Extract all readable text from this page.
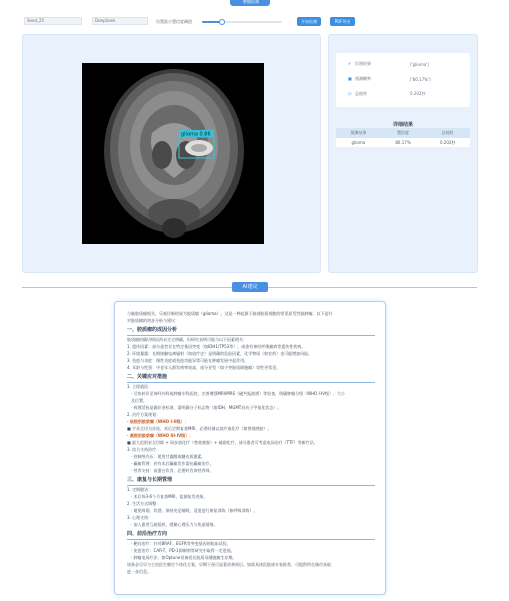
肿瘤检测
Seed_25	DeepSeek	设置最小置信度阈值	开始检测	PDF导出
glioma 0.86
✔ 识别结果	['glioma']
■ 预测概率	['86.17%']
◷ 总耗时	0.202秒
详细结果
预测结果	置信度	总耗时
glioma	86.17%	0.202秒
AI建议
与脑胶质瘤相关，乐观诊断结果为胶质瘤（glioma），这是一种起源于脑部胶质细胞的常见原发性脑肿瘤。以下是针
对胶质瘤的初步分析与建议：
一、胶质瘤的成因分析
胶质瘤的确切病因尚未完全明确，但研究表明可能与以下因素相关：
1. 遗传因素：部分患者存在特定基因突变（如IDH1/TP53等），或患有神经纤维瘤病等遗传性疾病。
2. 环境暴露：长期接触电离辐射（如放疗史）是明确的危险因素，化学物质（如农药）也可能增加风险。
3. 免疫与炎症：慢性炎症或免疫功能异常可能在肿瘤发展中起作用。
4. 年龄与性别：中老年人群发病率较高，部分亚型（如少突胶质细胞瘤）男性更常见。
二、关键应对措施
1. 立即就医：
· 尽快转诊至神经外科或肿瘤专科医院，完善增强MRI/MRS（磁共振波谱）等检查，明确肿瘤分级（WHO I-IV级）、大小
及位置。
· 病理活检是确诊金标准，需明确分子标志物（如IDH、MGMT启动子甲基化状态）。
2. 治疗方案规划：
· 低级别胶质瘤（WHO I-II级）：
■ 手术全切为首选，术后定期复查MRI，必要时辅以放疗或化疗（如替莫唑胺）。
· 高级别胶质瘤（WHO III-IV级）：
■ 最大范围安全切除 + 同步放化疗（替莫唑胺）+ 辅助化疗，部分患者可考虑电场治疗（TTF）等新疗法。
3. 综合支持治疗：
· 控制颅内压：使用甘露醇或糖皮质激素。
· 癫痫管理：若有术后癫痫发作需抗癫痫治疗。
· 营养支持：高蛋白饮食，必要时咨询营养师。
三、康复与长期管理
1. 定期随访：
· 术后每3-6个月复查MRI，监测复发迹象。
2. 生活方式调整：
· 避免吸烟、饮酒，保持充足睡眠，适度进行康复训练（如呼吸训练）。
3. 心理支持：
· 加入患者互助组织，缓解心理压力与焦虑情绪。
四、前沿治疗方向
· 靶向治疗：针对BRAF、EGFR等突变基因的临床试验。
· 免疫治疗：CAR-T、PD-1抑制剂等研究中取得一定进展。
· 肿瘤电场疗法：如Optune设备延长胶质母细胞瘤生存期。
请务必尽早与主治医生制定个体化方案，早期干预可显著改善预后。如需具体医院或专家推荐，可提供所在城市获取
进一步信息。
